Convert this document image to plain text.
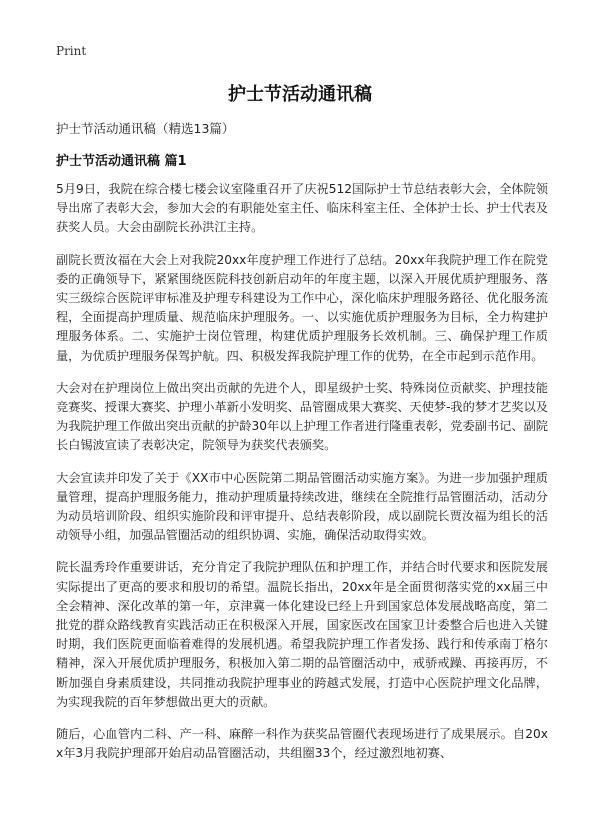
Print
护士节活动通讯稿

护士节活动通讯稿（精选13篇）

护士节活动通讯稿 篇1

5月9日，我院在综合楼七楼会议室隆重召开了庆祝512国际护士节总结表彰大会，全体院领导出席了表彰大会，参加大会的有职能处室主任、临床科室主任、全体护士长、护士代表及获奖人员。大会由副院长孙洪江主持。

副院长贾汝福在大会上对我院20xx年度护理工作进行了总结。20xx年我院护理工作在院党委的正确领导下，紧紧围绕医院科技创新启动年的年度主题，以深入开展优质护理服务、落实三级综合医院评审标准及护理专科建设为工作中心，深化临床护理服务路径、优化服务流程，全面提高护理质量、规范临床护理服务。一、以实施优质护理服务为目标，全力构建护理服务体系。二、实施护士岗位管理，构建优质护理服务长效机制。三、确保护理工作质量，为优质护理服务保驾护航。四、积极发挥我院护理工作的优势，在全市起到示范作用。

大会对在护理岗位上做出突出贡献的先进个人，即星级护士奖、特殊岗位贡献奖、护理技能竞赛奖、授课大赛奖、护理小革新小发明奖、品管圈成果大赛奖、天使梦-我的梦才艺奖以及为我院护理工作做出突出贡献的护龄30年以上护理工作者进行隆重表彰，党委副书记、副院长白锡波宣读了表彰决定，院领导为获奖代表颁奖。

大会宣读并印发了关于《XX市中心医院第二期品管圈活动实施方案》。为进一步加强护理质量管理，提高护理服务能力，推动护理质量持续改进，继续在全院推行品管圈活动，活动分为动员培训阶段、组织实施阶段和评审提升、总结表彰阶段，成以副院长贾汝福为组长的活动领导小组，加强品管圈活动的组织协调、实施，确保活动取得实效。

院长温秀玲作重要讲话，充分肯定了我院护理队伍和护理工作，并结合时代要求和医院发展实际提出了更高的要求和殷切的希望。温院长指出，20xx年是全面贯彻落实党的xx届三中全会精神、深化改革的第一年，京津冀一体化建设已经上升到国家总体发展战略高度，第二批党的群众路线教育实践活动正在积极深入开展，国家医改在国家卫计委整合后也进入关键时期，我们医院更面临着难得的发展机遇。希望我院护理工作者发扬、践行和传承南丁格尔精神，深入开展优质护理服务，积极加入第二期的品管圈活动中，戒骄戒躁、再接再厉，不断加强自身素质建设，共同推动我院护理事业的跨越式发展，打造中心医院护理文化品牌，为实现我院的百年梦想做出更大的贡献。

随后，心血管内二科、产一科、麻醉一科作为获奖品管圈代表现场进行了成果展示。自20xx年3月我院护理部开始启动品管圈活动，共组圈33个，经过激烈地初赛、
